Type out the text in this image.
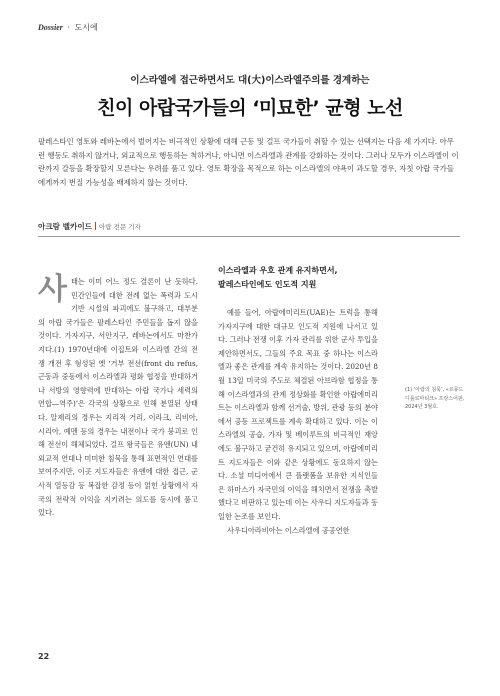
Dossier · 도시에
이스라엘에 접근하면서도 대(大)이스라엘주의를 경계하는
친이 아랍국가들의 ‘미묘한’ 균형 노선

팔레스타인 영토와 레바논에서 벌어지는 비극적인 상황에 대해 근동 및 걸프 국가들이 취할 수 있는 선택지는 다음 세 가지다. 아무런 행동도 취하지 않거나, 외교적으로 행동하는 척하거나, 아니면 이스라엘과 관계를 강화하는 것이다. 그러나 모두가 이스라엘이 이란까지 갈등을 확장할지 모른다는 우려를 품고 있다. 영토 확장을 목적으로 하는 이스라엘의 야욕이 과도할 경우, 자칫 아랍 국가들에게까지 번질 가능성을 배제하지 않는 것이다.

아크람 벨카이드 아랍 전문 기자
사 태는 이미 어느 정도 결론이 난 듯하다. 민간인들에 대한 전례 없는 폭력과 도시 기반 시설의 파괴에도 불구하고, 대부분의 아랍 국가들은 팔레스타인 주민들을 돕지 않을 것이다. 가자지구, 서안지구, 레바논에서도 마찬가지다.(1) 1970년대에 이집트와 이스라엘 간의 전쟁 개전 후 형성된 옛 ‘거부 전선(front du refus, 근동과 중동에서 이스라엘과 평화 협정을 반대하거나 서방의 영향력에 반대하는 아랍 국가나 세력의 연합―역주)’은 각국의 상황으로 인해 분열된 상태다. 알제리의 경우는 지리적 거리, 이라크, 리비아, 시리아, 예멘 등의 경우는 내전이나 국가 붕괴로 인해 전선이 해체되었다. 걸프 왕국들은 유엔(UN) 내 외교적 연대나 미미한 침묵을 통해 표면적인 연대를 보여주지만, 이곳 지도자들은 유엔에 대한 접근, 군사적 열등감 등 복잡한 감정 등이 얽힌 상황에서 자국의 전략적 이익을 지키려는 의도를 동시에 품고 있다.

이스라엘과 우호 관계 유지하면서,
팔레스타인에도 인도적 지원

예를 들어, 아랍에미리트(UAE)는 트럭을 통해 가자지구에 대한 대규모 인도적 지원에 나서고 있다. 그러나 전쟁 이후 가자 관리를 위한 군사 투입을 제안하면서도, 그들의 주요 목표 중 하나는 이스라엘과 좋은 관계를 계속 유지하는 것이다. 2020년 8월 13일 미국의 주도로 체결된 아브라함 협정을 통해 이스라엘과의 관계 정상화를 확인한 아랍에미리트는 이스라엘과 함께 선거술, 방위, 관광 등의 분야에서 공동 프로젝트를 계속 확대하고 있다. 이는 이스라엘의 공습, 가자 및 베이루트의 비극적인 재앙에도 불구하고 굳건히 유지되고 있으며, 아랍에미리트 지도자들은 이와 같은 상황에도 동요하지 않는다. 소셜 미디어에서 큰 플랫폼을 보유한 지식인들은 하마스가 자국민의 이익을 해치면서 전쟁을 촉발했다고 비판하고 있는데 이는 사우디 지도자들과 동일한 논조를 보인다.

사우디아라비아는 이스라엘에 공공연한

(1) ‘아랍의 침묵’, «르몽드 디플로마티크» 프랑스어판, 2024년 3월호.
22
